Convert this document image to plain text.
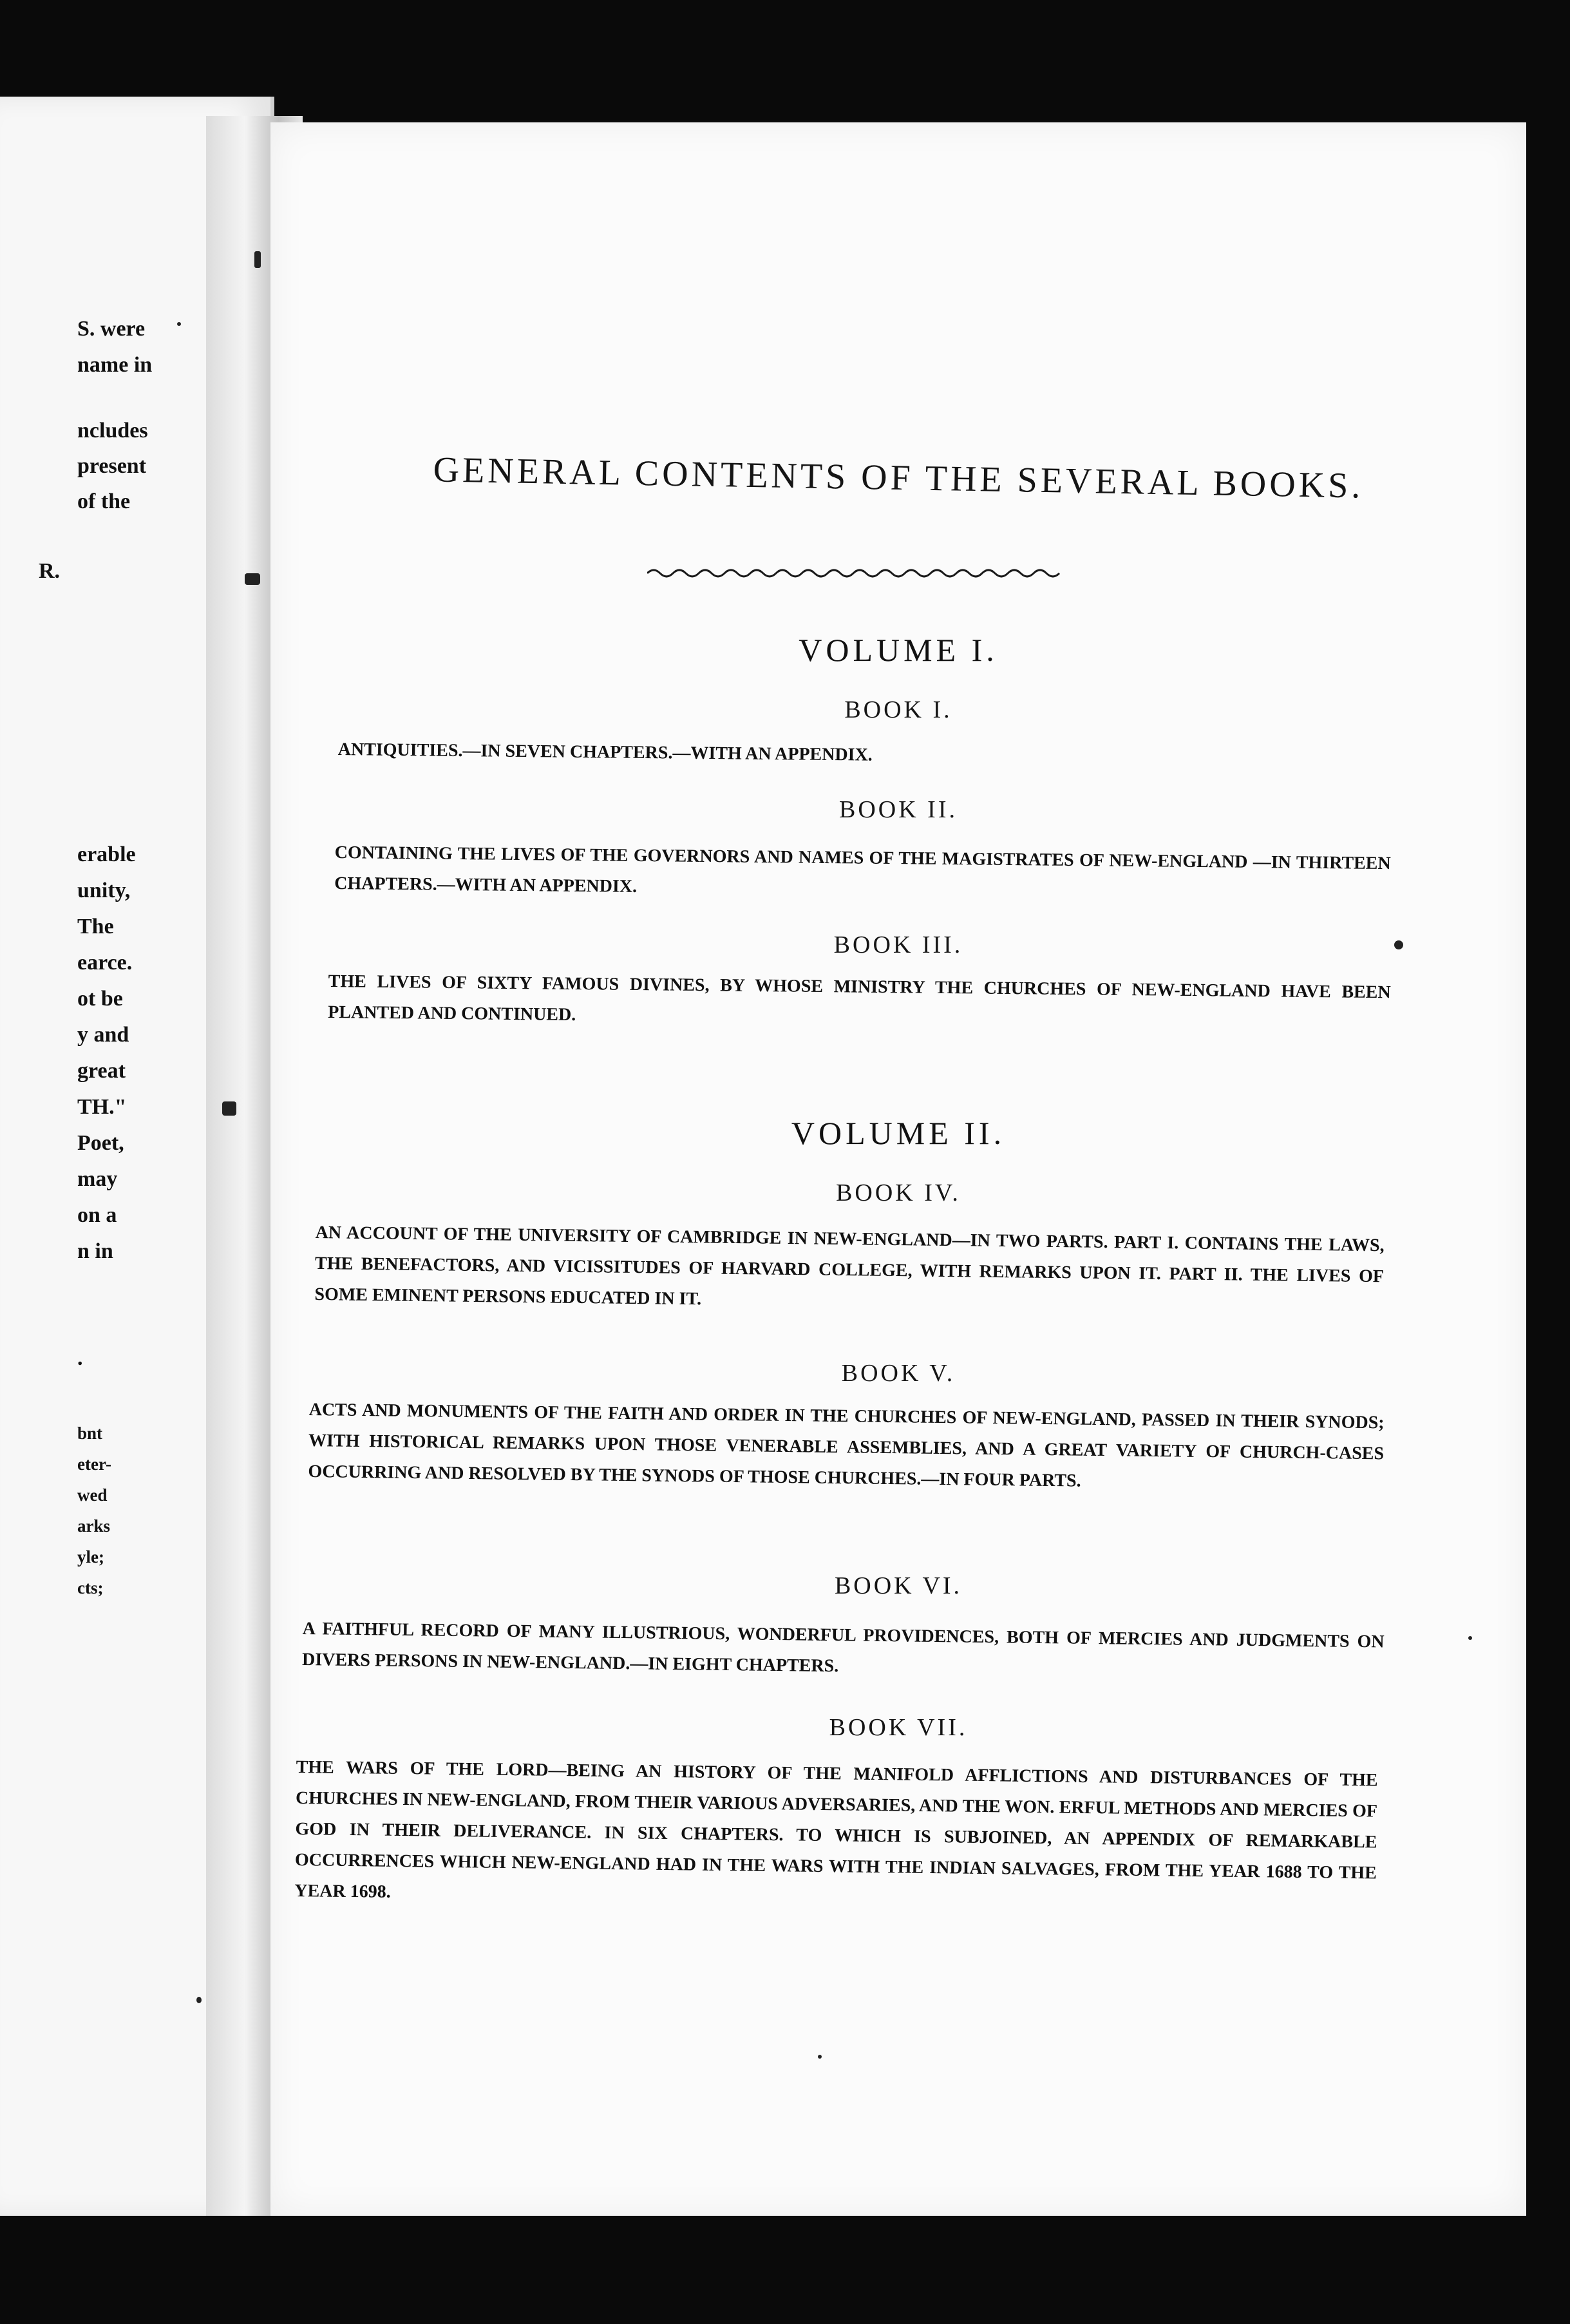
S. were
name in
ncludes
present
of the
R.
erable
unity,
The
earce.
ot be
y and
great
TH."
Poet,
may
on a
n in
.
bnt
eter-
wed
arks
yle;
cts;
GENERAL CONTENTS OF THE SEVERAL BOOKS.
VOLUME I.
BOOK I.
ANTIQUITIES.—IN SEVEN CHAPTERS.—WITH AN APPENDIX.
BOOK II.
CONTAINING THE LIVES OF THE GOVERNORS AND NAMES OF THE MAGISTRATES OF NEW-ENGLAND —IN THIRTEEN CHAPTERS.—WITH AN APPENDIX.
BOOK III.
THE LIVES OF SIXTY FAMOUS DIVINES, BY WHOSE MINISTRY THE CHURCHES OF NEW-ENGLAND HAVE BEEN PLANTED AND CONTINUED.
VOLUME II.
BOOK IV.
AN ACCOUNT OF THE UNIVERSITY OF CAMBRIDGE IN NEW-ENGLAND—IN TWO PARTS. PART I. CONTAINS THE LAWS, THE BENEFACTORS, AND VICISSITUDES OF HARVARD COLLEGE, WITH REMARKS UPON IT. PART II. THE LIVES OF SOME EMINENT PERSONS EDUCATED IN IT.
BOOK V.
ACTS AND MONUMENTS OF THE FAITH AND ORDER IN THE CHURCHES OF NEW-ENGLAND, PASSED IN THEIR SYNODS; WITH HISTORICAL REMARKS UPON THOSE VENERABLE ASSEMBLIES, AND A GREAT VARIETY OF CHURCH-CASES OCCURRING AND RESOLVED BY THE SYNODS OF THOSE CHURCHES.—IN FOUR PARTS.
BOOK VI.
A FAITHFUL RECORD OF MANY ILLUSTRIOUS, WONDERFUL PROVIDENCES, BOTH OF MERCIES AND JUDGMENTS ON DIVERS PERSONS IN NEW-ENGLAND.—IN EIGHT CHAPTERS.
BOOK VII.
THE WARS OF THE LORD—BEING AN HISTORY OF THE MANIFOLD AFFLICTIONS AND DISTURBANCES OF THE CHURCHES IN NEW-ENGLAND, FROM THEIR VARIOUS ADVERSARIES, AND THE WON. ERFUL METHODS AND MERCIES OF GOD IN THEIR DELIVERANCE. IN SIX CHAPTERS. TO WHICH IS SUBJOINED, AN APPENDIX OF REMARKABLE OCCURRENCES WHICH NEW-ENGLAND HAD IN THE WARS WITH THE INDIAN SALVAGES, FROM THE YEAR 1688 TO THE YEAR 1698.
